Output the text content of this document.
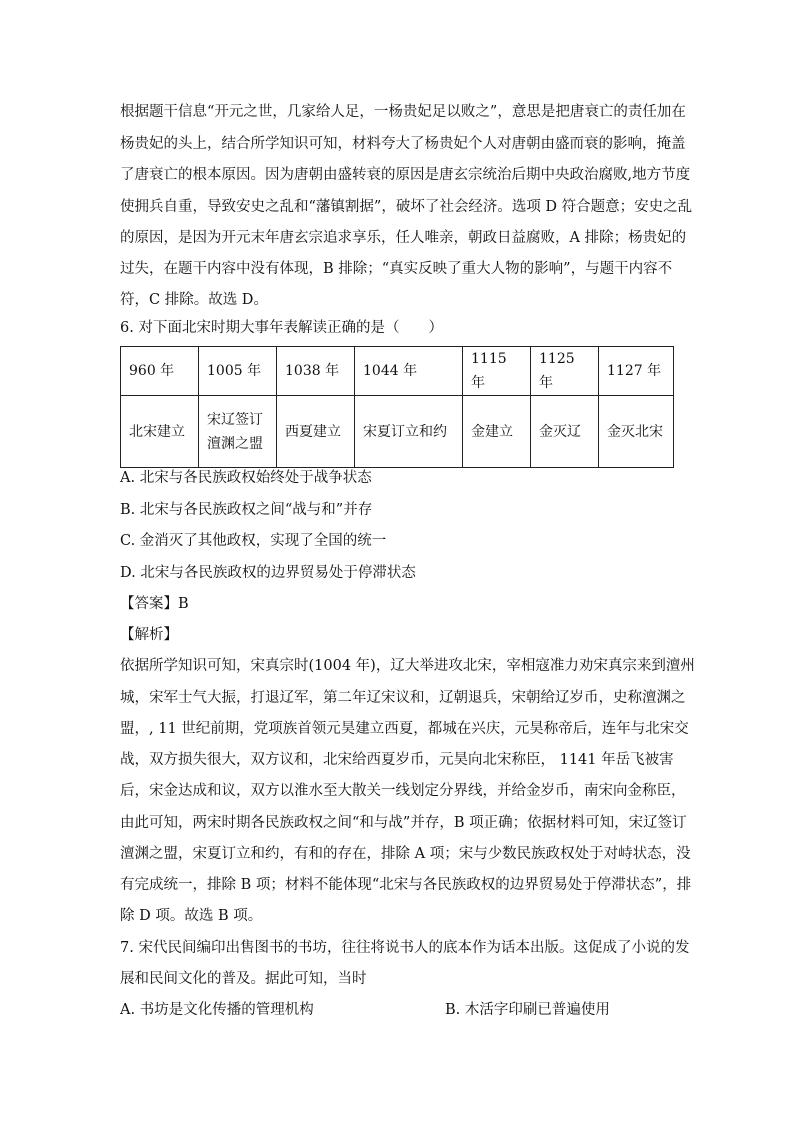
根据题干信息“开元之世，几家给人足，一杨贵妃足以败之”，意思是把唐衰亡的责任加在
杨贵妃的头上，结合所学知识可知，材料夸大了杨贵妃个人对唐朝由盛而衰的影响，掩盖
了唐衰亡的根本原因。因为唐朝由盛转衰的原因是唐玄宗统治后期中央政治腐败,地方节度
使拥兵自重，导致安史之乱和“藩镇割据”，破坏了社会经济。选项 D 符合题意；安史之乱
的原因，是因为开元末年唐玄宗追求享乐，任人唯亲，朝政日益腐败，A 排除；杨贵妃的
过失，在题干内容中没有体现，B 排除；“真实反映了重大人物的影响”，与题干内容不
符，C 排除。故选 D。
6. 对下面北宋时期大事年表解读正确的是（　　）
960 年	1005 年	1038 年	1044 年	1115 年	1125 年	1127 年
北宋建立	宋辽签订
澶渊之盟	西夏建立	宋夏订立和约	金建立	金灭辽	金灭北宋
A. 北宋与各民族政权始终处于战争状态
B. 北宋与各民族政权之间“战与和”并存
C. 金消灭了其他政权，实现了全国的统一
D. 北宋与各民族政权的边界贸易处于停滞状态
【答案】B
【解析】
依据所学知识可知，宋真宗时(1004 年)，辽大举进攻北宋，宰相寇准力劝宋真宗来到澶州
城，宋军士气大振，打退辽军，第二年辽宋议和，辽朝退兵，宋朝给辽岁币，史称澶渊之
盟，, 11 世纪前期，党项族首领元昊建立西夏，都城在兴庆，元昊称帝后，连年与北宋交
战，双方损失很大，双方议和，北宋给西夏岁币，元昊向北宋称臣， 1141 年岳飞被害
后，宋金达成和议，双方以淮水至大散关一线划定分界线，并给金岁币，南宋向金称臣，
由此可知，两宋时期各民族政权之间“和与战”并存，B 项正确；依据材料可知，宋辽签订
澶渊之盟，宋夏订立和约，有和的存在，排除 A 项；宋与少数民族政权处于对峙状态，没
有完成统一，排除 B 项；材料不能体现“北宋与各民族政权的边界贸易处于停滞状态”，排
除 D 项。故选 B 项。
7. 宋代民间编印出售图书的书坊，往往将说书人的底本作为话本出版。这促成了小说的发
展和民间文化的普及。据此可知，当时
A. 书坊是文化传播的管理机构	B. 木活字印刷已普遍使用
